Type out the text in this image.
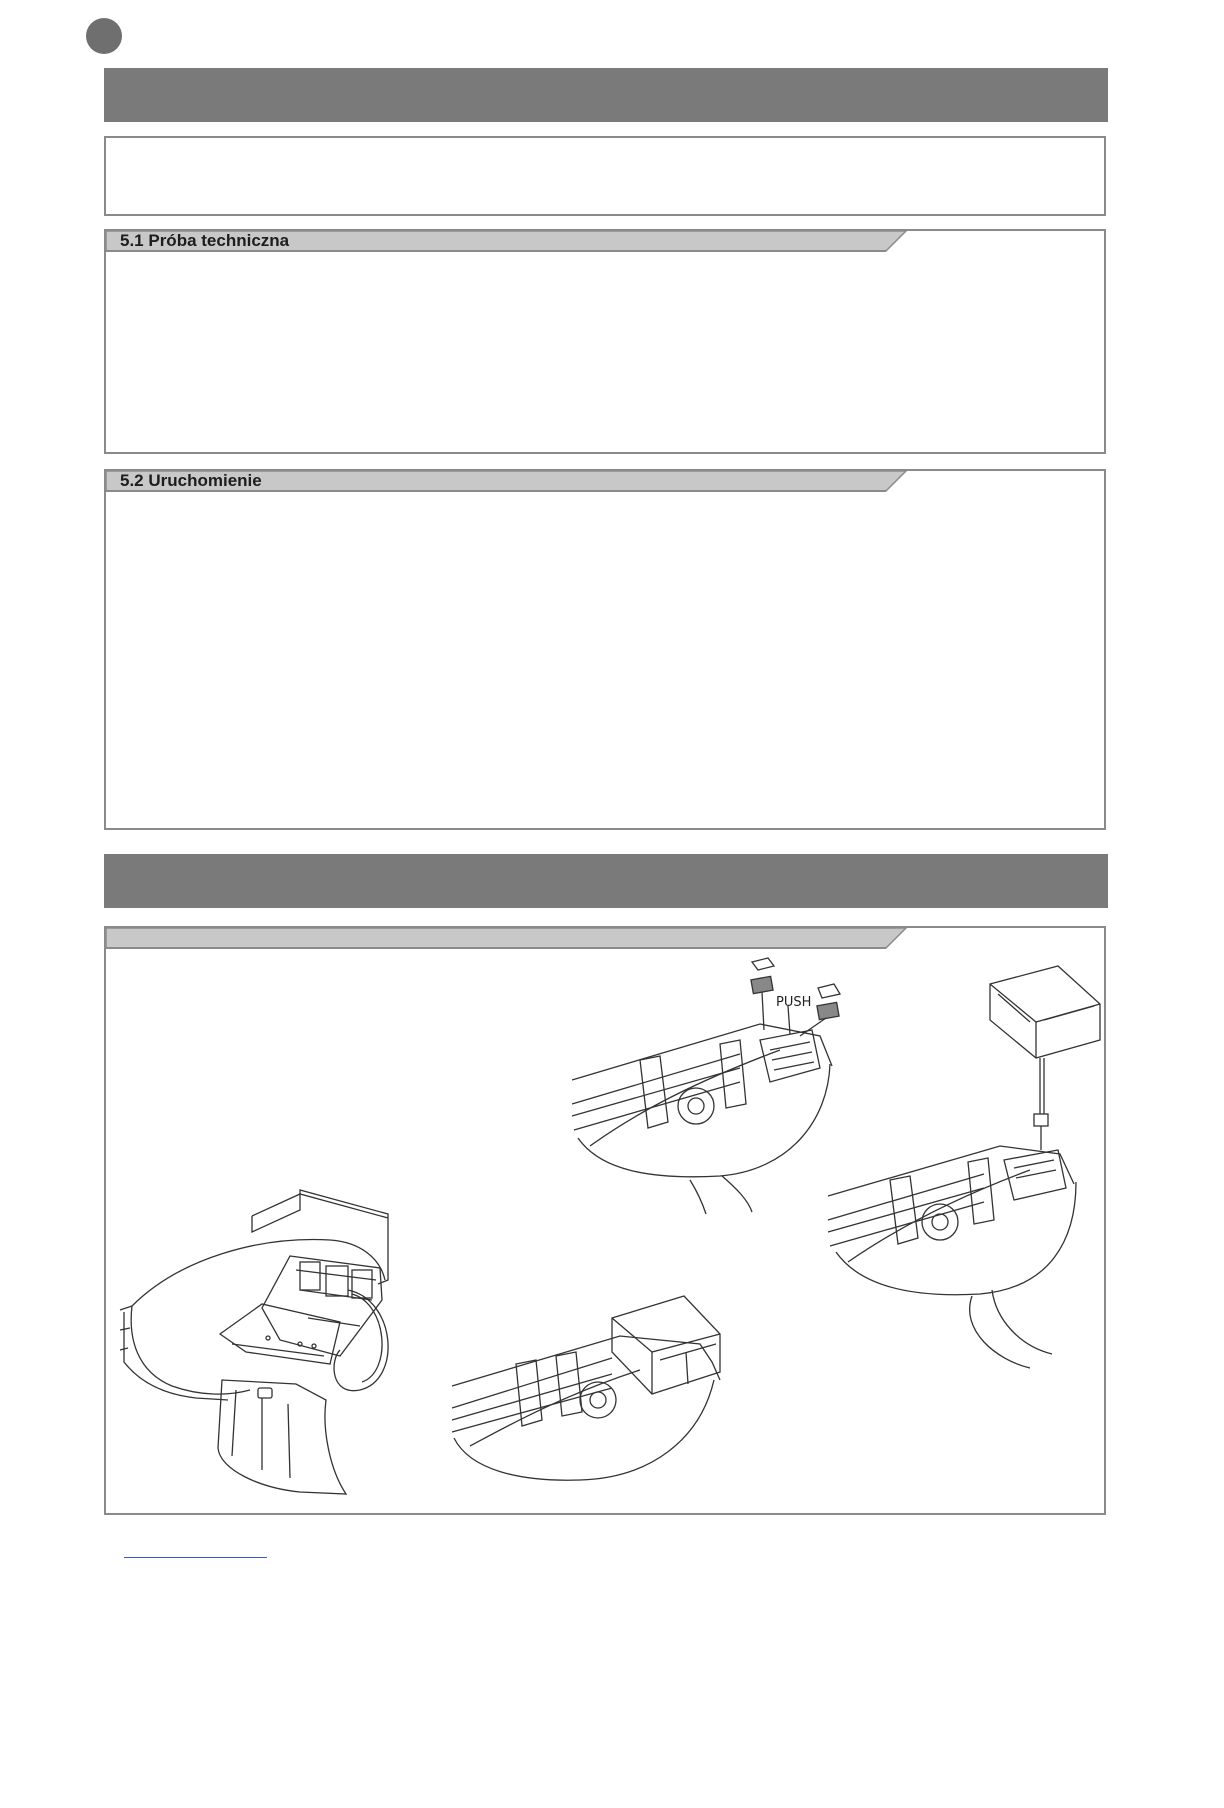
5.1 Próba techniczna
5.2 Uruchomienie
PUSH
